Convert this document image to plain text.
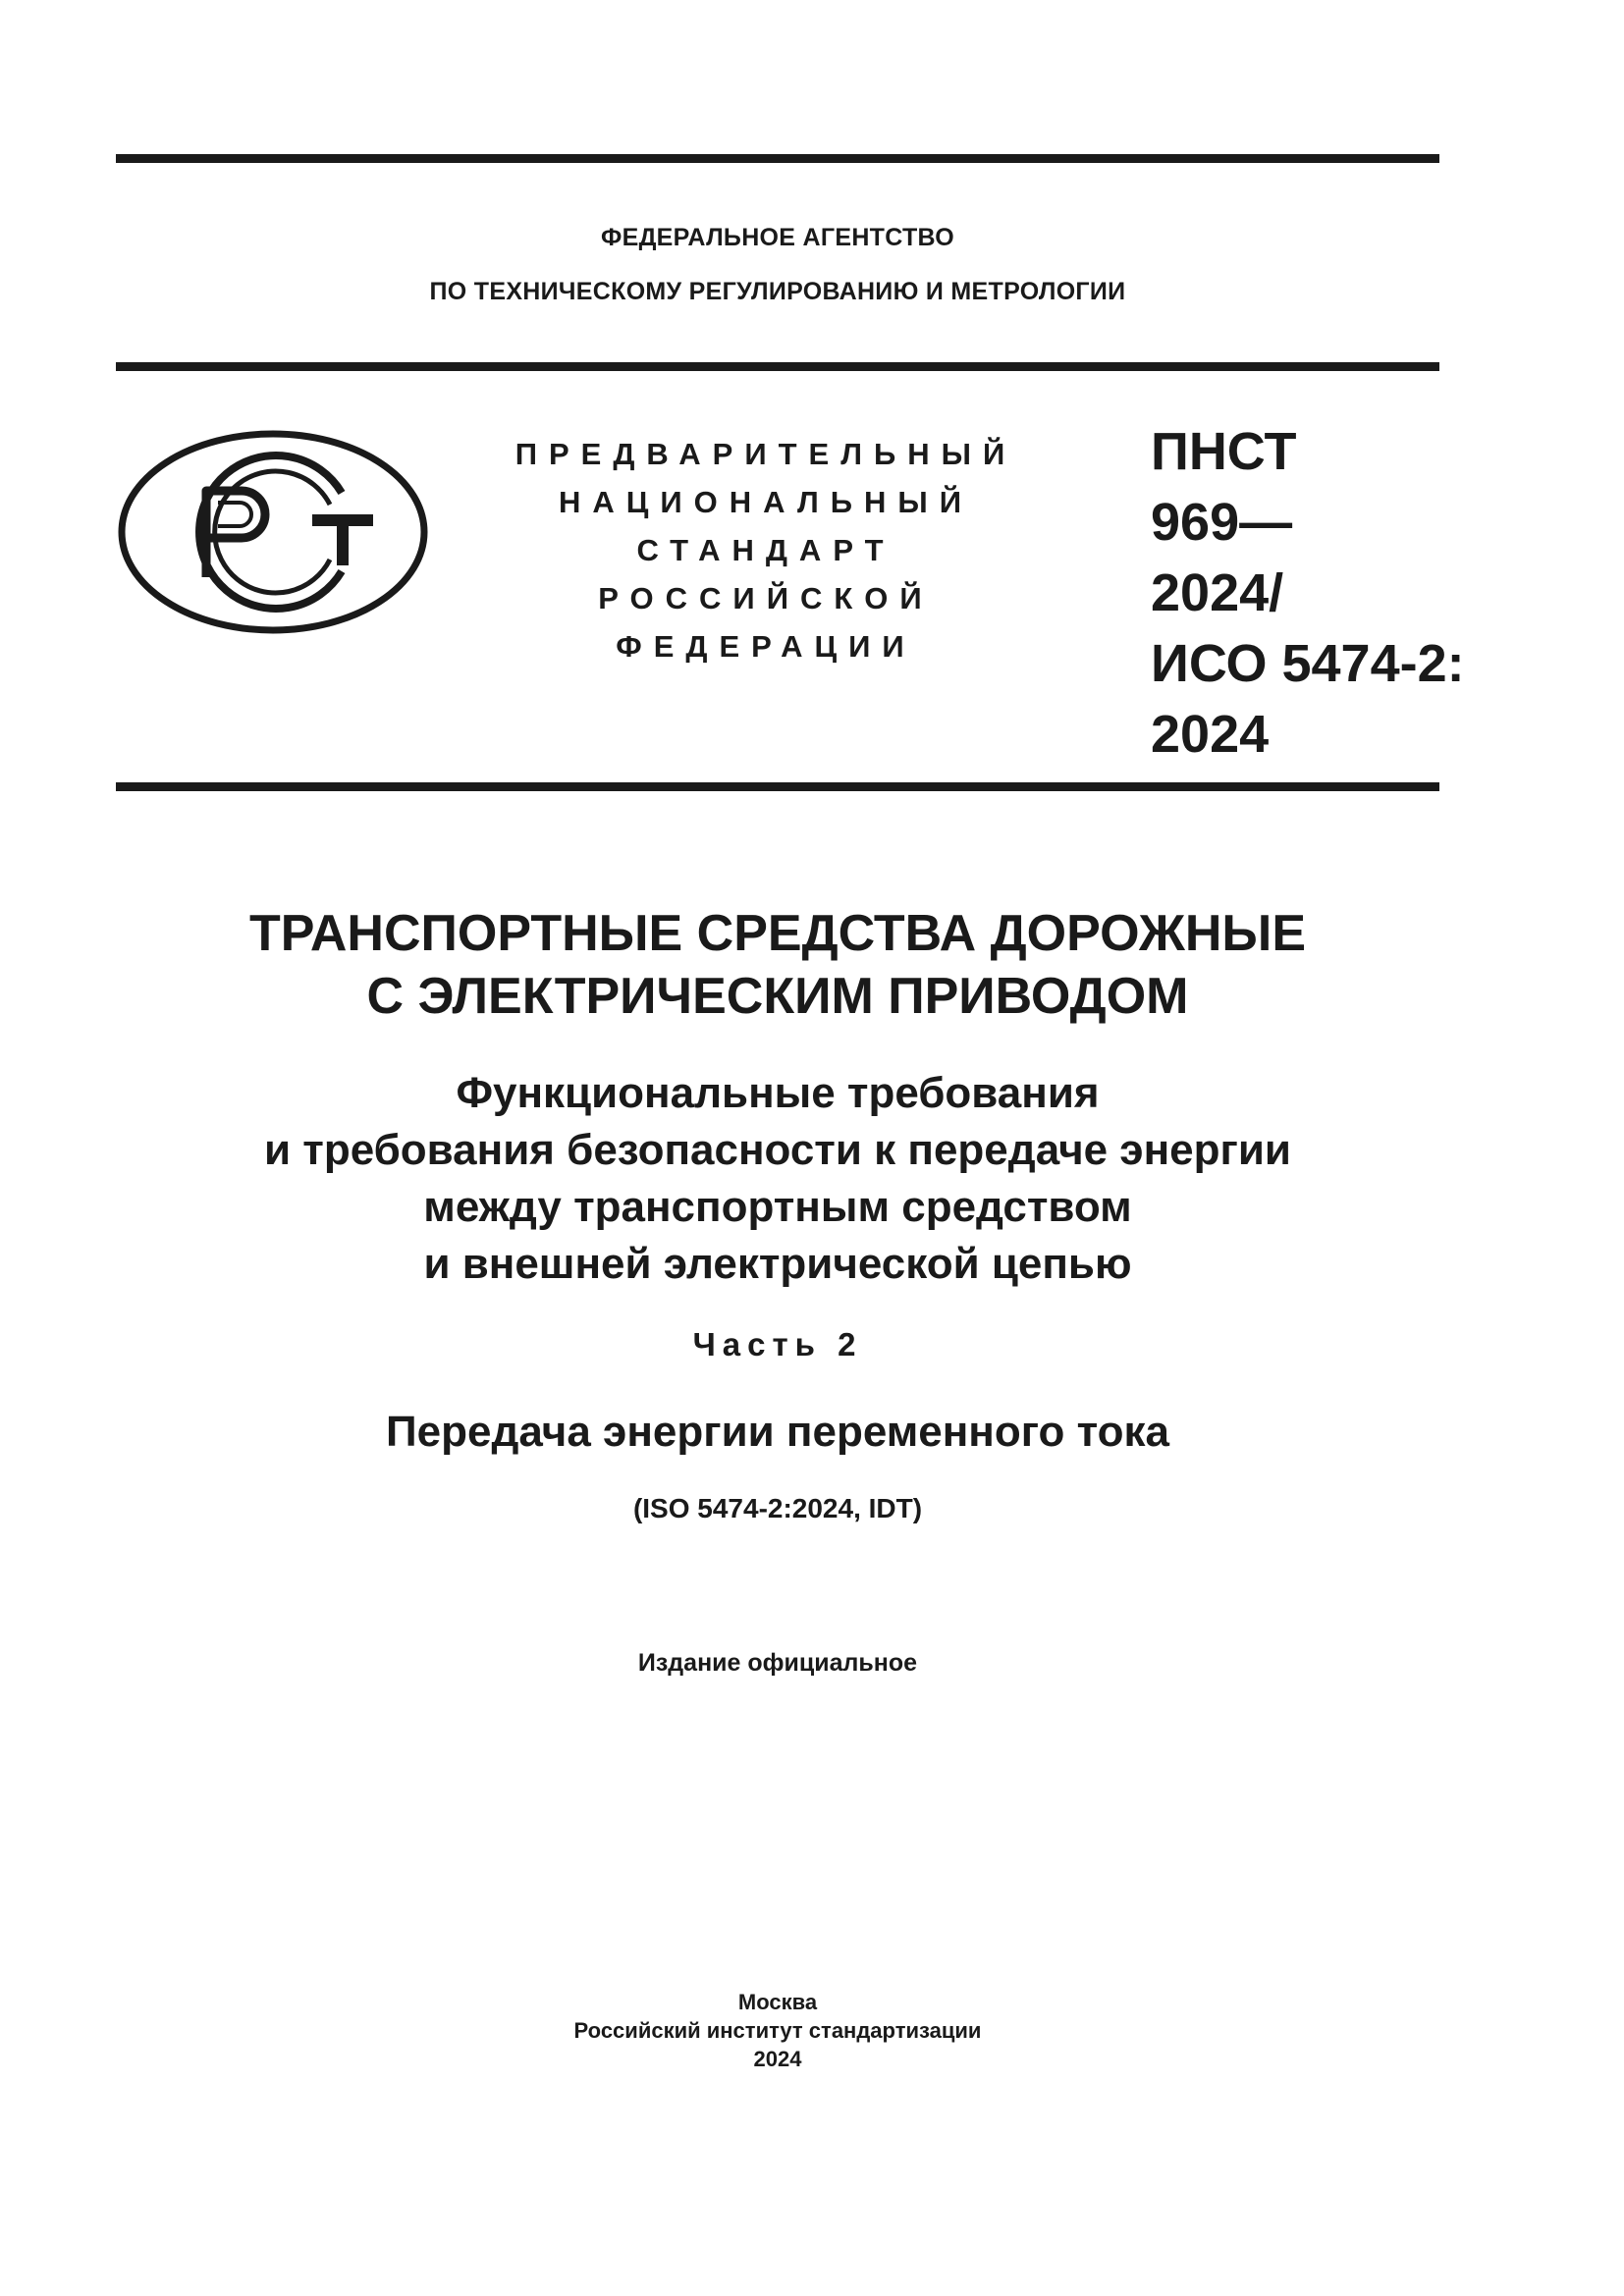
ФЕДЕРАЛЬНОЕ АГЕНТСТВО
ПО ТЕХНИЧЕСКОМУ РЕГУЛИРОВАНИЮ И МЕТРОЛОГИИ
ПРЕДВАРИТЕЛЬНЫЙ
НАЦИОНАЛЬНЫЙ
СТАНДАРТ
РОССИЙСКОЙ
ФЕДЕРАЦИИ
ПНСТ
969—
2024/
ИСО 5474-2:
2024
ТРАНСПОРТНЫЕ СРЕДСТВА ДОРОЖНЫЕ
С ЭЛЕКТРИЧЕСКИМ ПРИВОДОМ
Функциональные требования
и требования безопасности к передаче энергии
между транспортным средством
и внешней электрической цепью
Часть 2
Передача энергии переменного тока
(ISO 5474-2:2024, IDT)
Издание официальное
Москва
Российский институт стандартизации
2024
